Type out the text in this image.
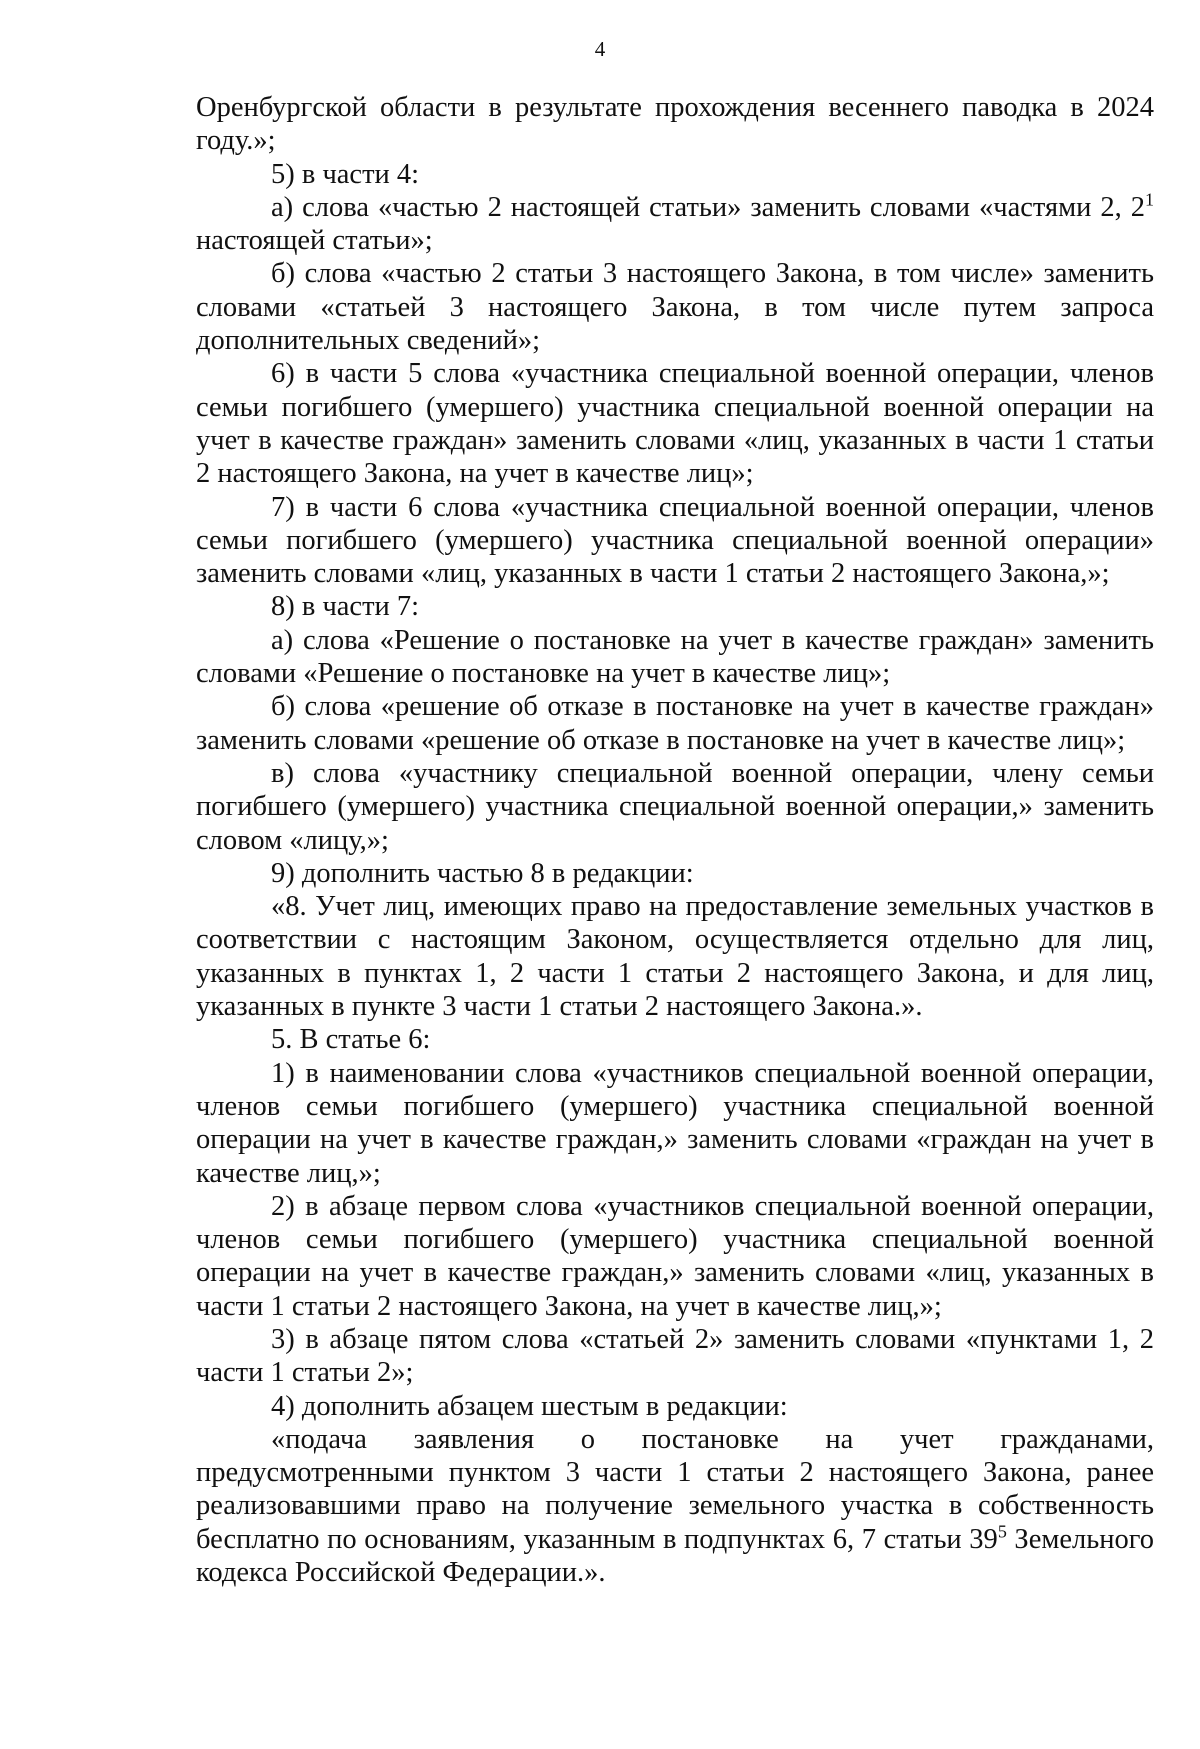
4

Оренбургской области в результате прохождения весеннего паводка в 2024 году.»;

5) в части 4:

а) слова «частью 2 настоящей статьи» заменить словами «частями 2, $2^1$ настоящей статьи»;

б) слова «частью 2 статьи 3 настоящего Закона, в том числе» заменить словами «статьей 3 настоящего Закона, в том числе путем запроса дополнительных сведений»;

6) в части 5 слова «участника специальной военной операции, членов семьи погибшего (умершего) участника специальной военной операции на учет в качестве граждан» заменить словами «лиц, указанных в части 1 статьи 2 настоящего Закона, на учет в качестве лиц»;

7) в части 6 слова «участника специальной военной операции, членов семьи погибшего (умершего) участника специальной военной операции» заменить словами «лиц, указанных в части 1 статьи 2 настоящего Закона,»;

8) в части 7:

а) слова «Решение о постановке на учет в качестве граждан» заменить словами «Решение о постановке на учет в качестве лиц»;

б) слова «решение об отказе в постановке на учет в качестве граждан» заменить словами «решение об отказе в постановке на учет в качестве лиц»;

в) слова «участнику специальной военной операции, члену семьи погибшего (умершего) участника специальной военной операции,» заменить словом «лицу,»;

9) дополнить частью 8 в редакции:

«8. Учет лиц, имеющих право на предоставление земельных участков в соответствии с настоящим Законом, осуществляется отдельно для лиц, указанных в пунктах 1, 2 части 1 статьи 2 настоящего Закона, и для лиц, указанных в пункте 3 части 1 статьи 2 настоящего Закона.».

5. В статье 6:

1) в наименовании слова «участников специальной военной операции, членов семьи погибшего (умершего) участника специальной военной операции на учет в качестве граждан,» заменить словами «граждан на учет в качестве лиц,»;

2) в абзаце первом слова «участников специальной военной операции, членов семьи погибшего (умершего) участника специальной военной операции на учет в качестве граждан,» заменить словами «лиц, указанных в части 1 статьи 2 настоящего Закона, на учет в качестве лиц,»;

3) в абзаце пятом слова «статьей 2» заменить словами «пунктами 1, 2 части 1 статьи 2»;

4) дополнить абзацем шестым в редакции:

«подача заявления о постановке на учет гражданами, предусмотренными пунктом 3 части 1 статьи 2 настоящего Закона, ранее реализовавшими право на получение земельного участка в собственность бесплатно по основаниям, указанным в подпунктах 6, 7 статьи $39^5$ Земельного кодекса Российской Федерации.».
